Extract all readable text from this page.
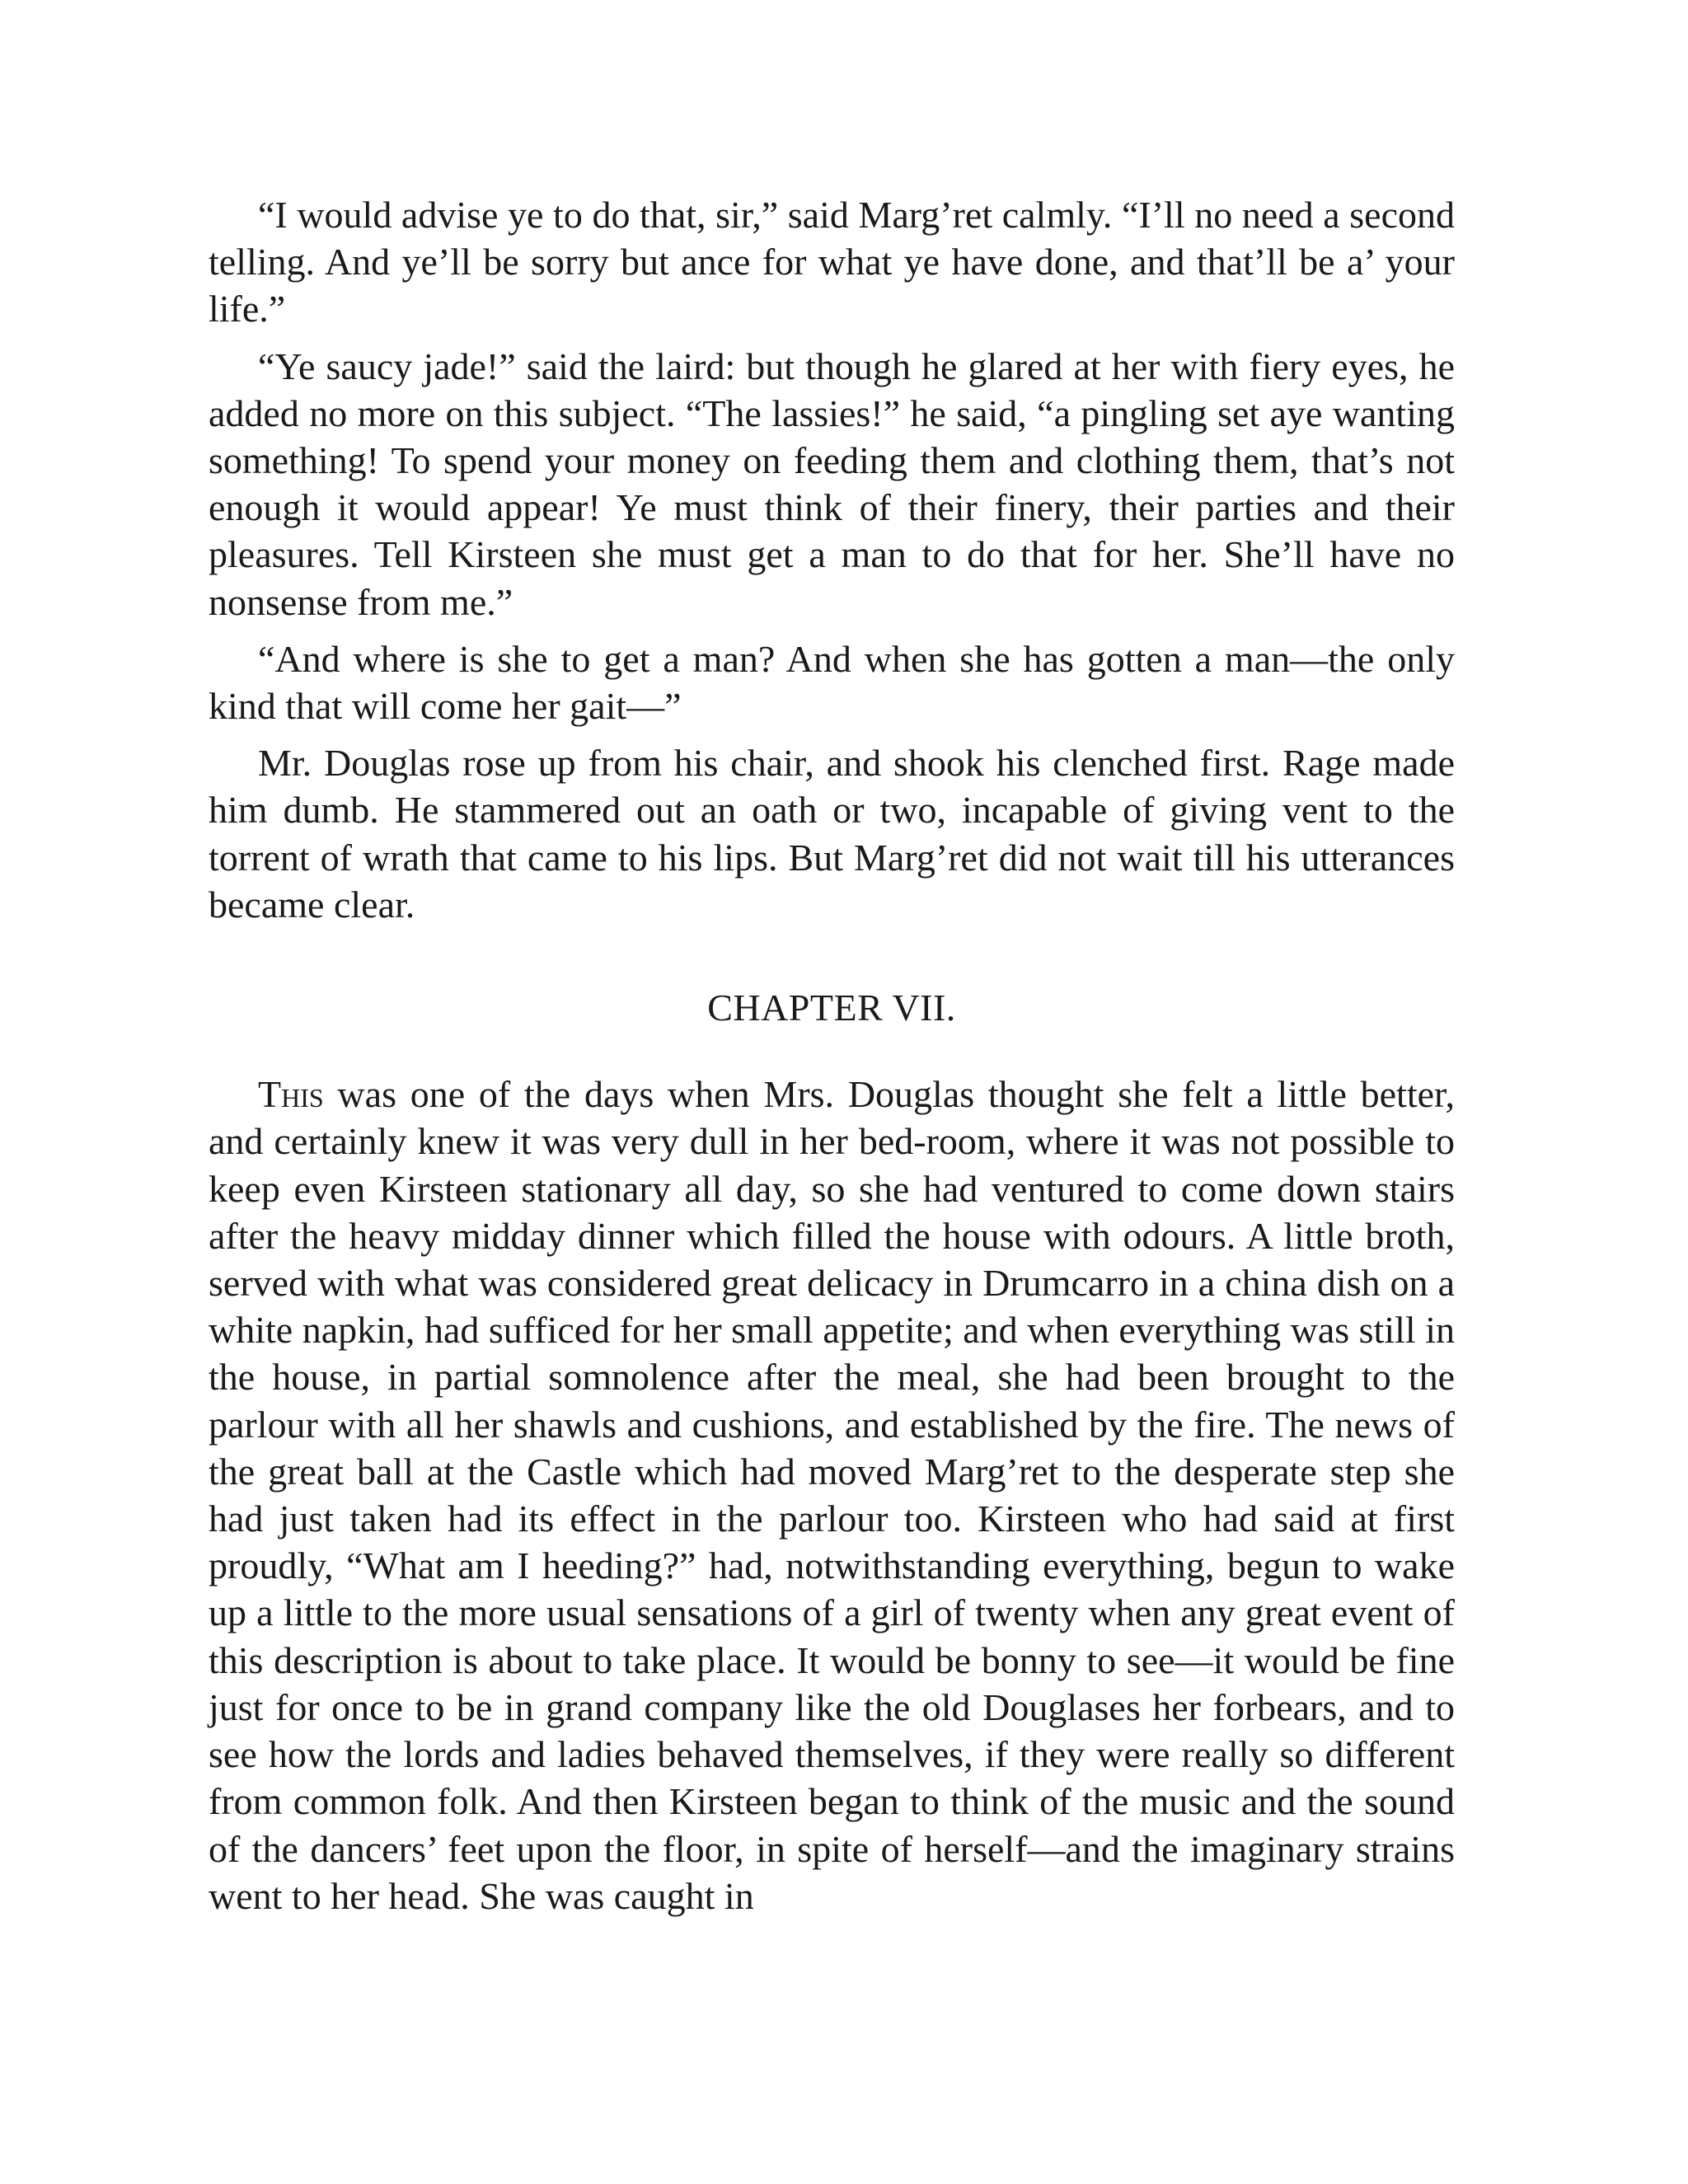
“I would advise ye to do that, sir,” said Marg’ret calmly. “I’ll no need a second telling. And ye’ll be sorry but ance for what ye have done, and that’ll be a’ your life.”

“Ye saucy jade!” said the laird: but though he glared at her with fiery eyes, he added no more on this subject. “The lassies!” he said, “a pingling set aye wanting something! To spend your money on feeding them and clothing them, that’s not enough it would appear! Ye must think of their finery, their parties and their pleasures. Tell Kirsteen she must get a man to do that for her. She’ll have no nonsense from me.”

“And where is she to get a man? And when she has gotten a man—the only kind that will come her gait—”

Mr. Douglas rose up from his chair, and shook his clenched first. Rage made him dumb. He stammered out an oath or two, incapable of giving vent to the torrent of wrath that came to his lips. But Marg’ret did not wait till his utterances became clear.

CHAPTER VII.

This was one of the days when Mrs. Douglas thought she felt a little better, and certainly knew it was very dull in her bed-room, where it was not possible to keep even Kirsteen stationary all day, so she had ventured to come down stairs after the heavy midday dinner which filled the house with odours. A little broth, served with what was considered great delicacy in Drumcarro in a china dish on a white napkin, had sufficed for her small appetite; and when everything was still in the house, in partial somnolence after the meal, she had been brought to the parlour with all her shawls and cushions, and established by the fire. The news of the great ball at the Castle which had moved Marg’ret to the desperate step she had just taken had its effect in the parlour too. Kirsteen who had said at first proudly, “What am I heeding?” had, notwithstanding everything, begun to wake up a little to the more usual sensations of a girl of twenty when any great event of this description is about to take place. It would be bonny to see—it would be fine just for once to be in grand company like the old Douglases her forbears, and to see how the lords and ladies behaved themselves, if they were really so different from common folk. And then Kirsteen began to think of the music and the sound of the dancers’ feet upon the floor, in spite of herself—and the imaginary strains went to her head. She was caught in
